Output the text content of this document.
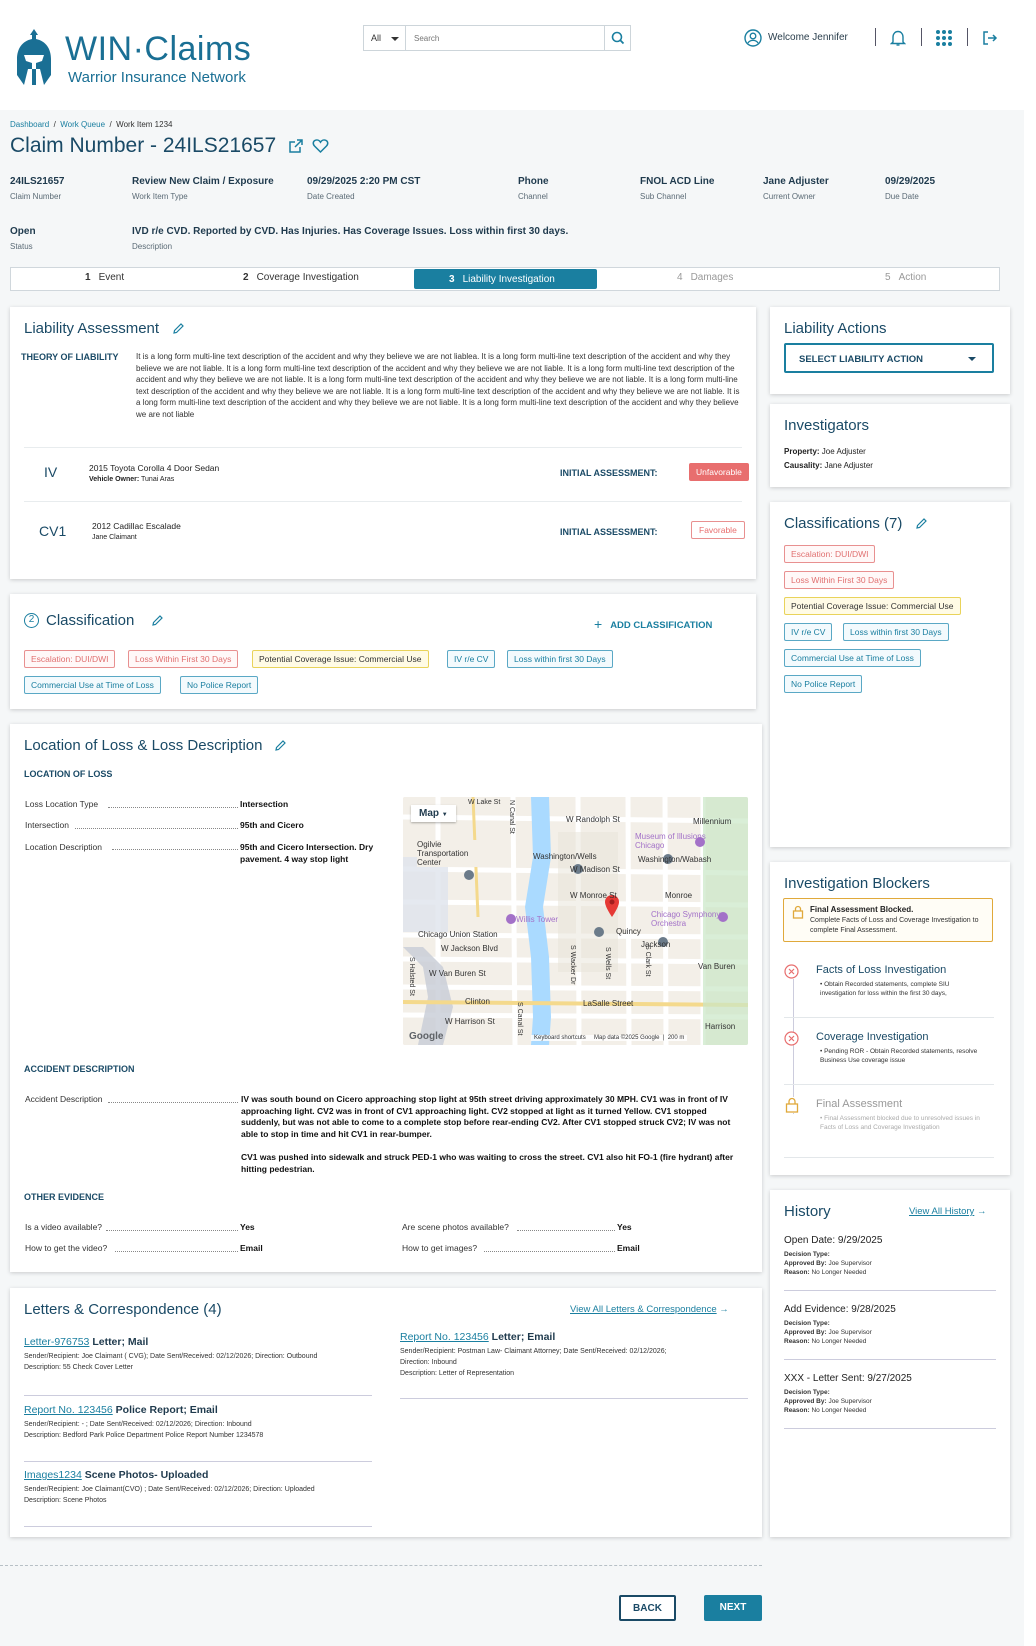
WIN·Claims
Warrior Insurance Network
All
Search	Welcome Jennifer
Dashboard  /  Work Queue  /  Work Item 1234
Claim Number - 24ILS21657
24ILS21657
Claim Number
Review New Claim / Exposure
Work Item Type
09/29/2025 2:20 PM CST
Date Created
Phone
Channel
FNOL ACD Line
Sub Channel
Jane Adjuster
Current Owner
09/29/2025
Due Date
Open
Status
IVD r/e CVD. Reported by CVD. Has Injuries. Has Coverage Issues. Loss within first 30 days.
Description
1 Event	2 Coverage Investigation	3 Liability Investigation	4 Damages	5 Action
Liability Assessment
THEORY OF LIABILITY It is a long form multi-line text description of the accident and why they believe we are not liablea. It is a long form multi-line text description of the accident and why they believe we are not liable. It is a long form multi-line text description of the accident and why they believe we are not liable. It is a long form multi-line text description of the accident and why they believe we are not liable. It is a long form multi-line text description of the accident and why they believe we are not liable. It is a long form multi-line text description of the accident and why they believe we are not liable. It is a long form multi-line text description of the accident and why they believe we are not liable. It is a long form multi-line text description of the accident and why they believe we are not liable. It is a long form multi-line text description of the accident and why they believe we are not liable
IV	2015 Toyota Corolla 4 Door Sedan
Vehicle Owner: Tunai Aras
INITIAL ASSESSMENT:	Unfavorable
CV1	2012 Cadillac Escalade
Jane Claimant
INITIAL ASSESSMENT:	Favorable
2 Classification	+ ADD CLASSIFICATION
Escalation: DUI/DWI	Loss Within First 30 Days	Potential Coverage Issue: Commercial Use	IV r/e CV	Loss within first 30 Days
Commercial Use at Time of Loss	No Police Report
Location of Loss & Loss Description
LOCATION OF LOSS
Loss Location Type	Intersection
Intersection	95th and Cicero
Location Description	95th and Cicero Intersection. Dry pavement. 4 way stop light
Map ▼	W Randolph St	Millennium
Museum of Illusions Chicago
Washington/Wells	Washington/Wabash
W Madison St
W Monroe St	Monroe
Chicago Symphony Orchestra
Willis Tower
Quincy
Chicago Union Station
W Jackson Blvd	Jackson
W Van Buren St
Van Buren
Clinton	LaSalle Street
W Harrison St
Harrison
Ogilvie Transportation Center
N Canal St
S Canal St
S Wacker Dr	S Wells St	S Clark St
S Halsted St
W Lake St
Google	Keyboard shortcuts     Map data ©2025 Google  |  200 m
ACCIDENT DESCRIPTION
Accident Description	IV was south bound on Cicero approaching stop light at 95th street driving approximately 30 MPH. CV1 was in front of IV approaching light. CV2 was in front of CV1 approaching light. CV2 stopped at light as it turned Yellow. CV1 stopped suddenly, but was not able to come to a complete stop before rear-ending CV2. After CV1 stopped struck CV2; IV was not able to stop in time and hit CV1 in rear-bumper.
CV1 was pushed into sidewalk and struck PED-1 who was waiting to cross the street. CV1 also hit FO-1 (fire hydrant) after hitting pedestrian.
OTHER EVIDENCE
Is a video available?	Yes	Are scene photos available?	Yes
How to get the video?	Email	How to get images?	Email
Letters & Correspondence (4)	View All Letters & Correspondence →
Letter-976753 Letter; Mail
Sender/Recipient: Joe Claimant ( CVG); Date Sent/Received: 02/12/2026; Direction: Outbound
Description: 55 Check Cover Letter
Report No. 123456 Police Report; Email
Sender/Recipient: - ; Date Sent/Received: 02/12/2026; Direction: Inbound
Description: Bedford Park Police Department Police Report Number 1234578
Images1234 Scene Photos- Uploaded
Sender/Recipient: Joe Claimant(CVO) ; Date Sent/Received: 02/12/2026; Direction: Uploaded
Description: Scene Photos
Report No. 123456 Letter; Email
Sender/Recipient: Postman Law- Claimant Attorney; Date Sent/Received: 02/12/2026;
Direction: Inbound
Description: Letter of Representation
Liability Actions
SELECT LIABILITY ACTION
Investigators
Property: Joe Adjuster
Causality: Jane Adjuster
Classifications (7)
Escalation: DUI/DWI
Loss Within First 30 Days
Potential Coverage Issue: Commercial Use
IV r/e CV	Loss within first 30 Days
Commercial Use at Time of Loss
No Police Report
Investigation Blockers
Final Assessment Blocked.
Complete Facts of Loss and Coverage Investigation to complete Final Assessment.
Facts of Loss Investigation
• Obtain Recorded statements, complete SIU investigation for loss within the first 30 days,
Coverage Investigation
• Pending ROR - Obtain Recorded statements, resolve Business Use coverage issue
Final Assessment
• Final Assessment blocked due to unresolved issues in Facts of Loss and Coverage Investigation
History	View All History →
Open Date: 9/29/2025
Decision Type:
Approved By: Joe Supervisor
Reason: No Longer Needed
Add Evidence: 9/28/2025
Decision Type:
Approved By: Joe Supervisor
Reason: No Longer Needed
XXX - Letter Sent: 9/27/2025
Decision Type:
Approved By: Joe Supervisor
Reason: No Longer Needed
BACK	NEXT
